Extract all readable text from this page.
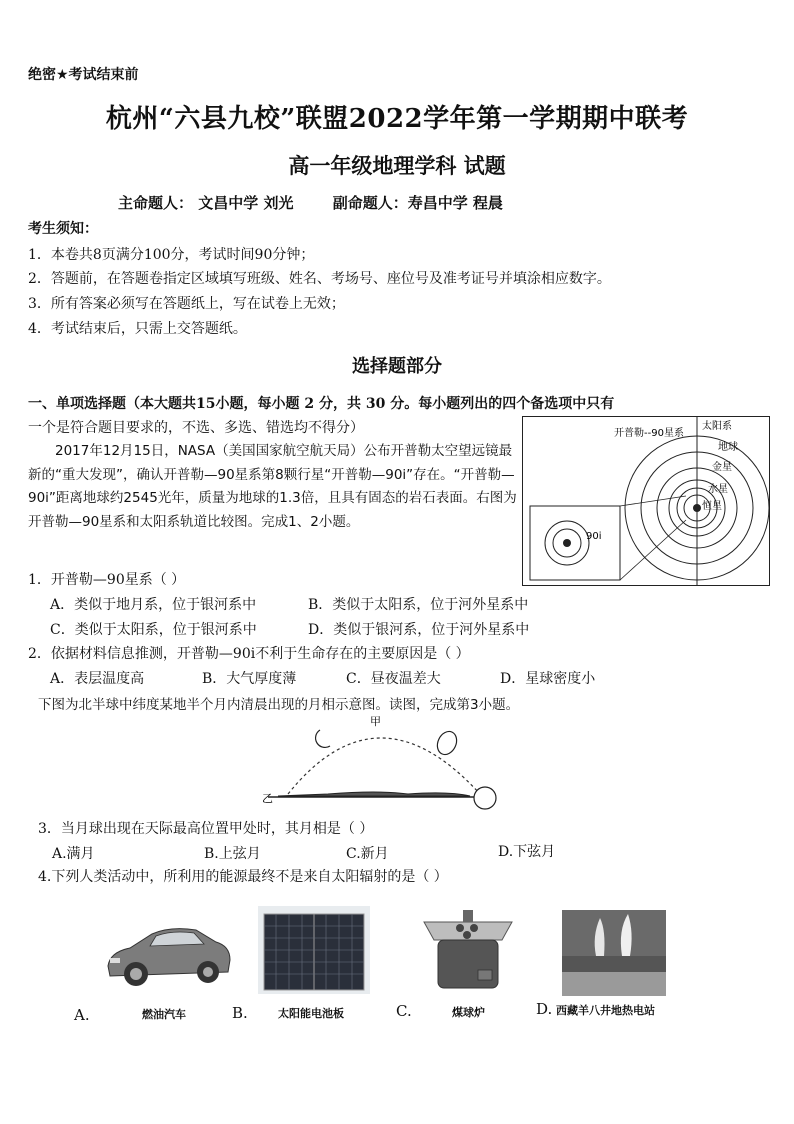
绝密★考试结束前
杭州“六县九校”联盟2022学年第一学期期中联考
高一年级地理学科 试题
主命题人： 文昌中学 刘光	副命题人：寿昌中学 程晨
考生须知：
1．本卷共8页满分100分，考试时间90分钟；
2．答题前，在答题卷指定区域填写班级、姓名、考场号、座位号及准考证号并填涂相应数字。
3．所有答案必须写在答题纸上，写在试卷上无效；
4．考试结束后，只需上交答题纸。
选择题部分
一、单项选择题（本大题共15小题，每小题 2 分，共 30 分。每小题列出的四个备选项中只有
一个是符合题目要求的，不选、多选、错选均不得分）
2017年12月15日，NASA（美国国家航空航天局）公布开普勒太空望远镜最新的“重大发现”，确认开普勒—90星系第8颗行星“开普勒—90i”存在。“开普勒—90i”距离地球约2545光年，质量为地球的1.3倍，且具有固态的岩石表面。右图为开普勒—90星系和太阳系轨道比较图。完成1、2小题。
开普勒--90星系
太阳系
地球
金星
水星
恒星
90i
1．开普勒—90星系（ ）
A．类似于地月系，位于银河系中	B．类似于太阳系，位于河外星系中
C．类似于太阳系，位于银河系中	D．类似于银河系，位于河外星系中
2．依据材料信息推测，开普勒—90i不利于生命存在的主要原因是（ ）
A．表层温度高	B．大气厚度薄	C．昼夜温差大	D．星球密度小
下图为北半球中纬度某地半个月内清晨出现的月相示意图。读图，完成第3小题。
甲
乙
3．当月球出现在天际最高位置甲处时，其月相是（ ）
A.满月	B.上弦月	C.新月	D.下弦月
4.下列人类活动中，所利用的能源最终不是来自太阳辐射的是（ ）
A.	燃油汽车	B.	太阳能电池板	C.	煤球炉	D. 西藏羊八井地热电站
